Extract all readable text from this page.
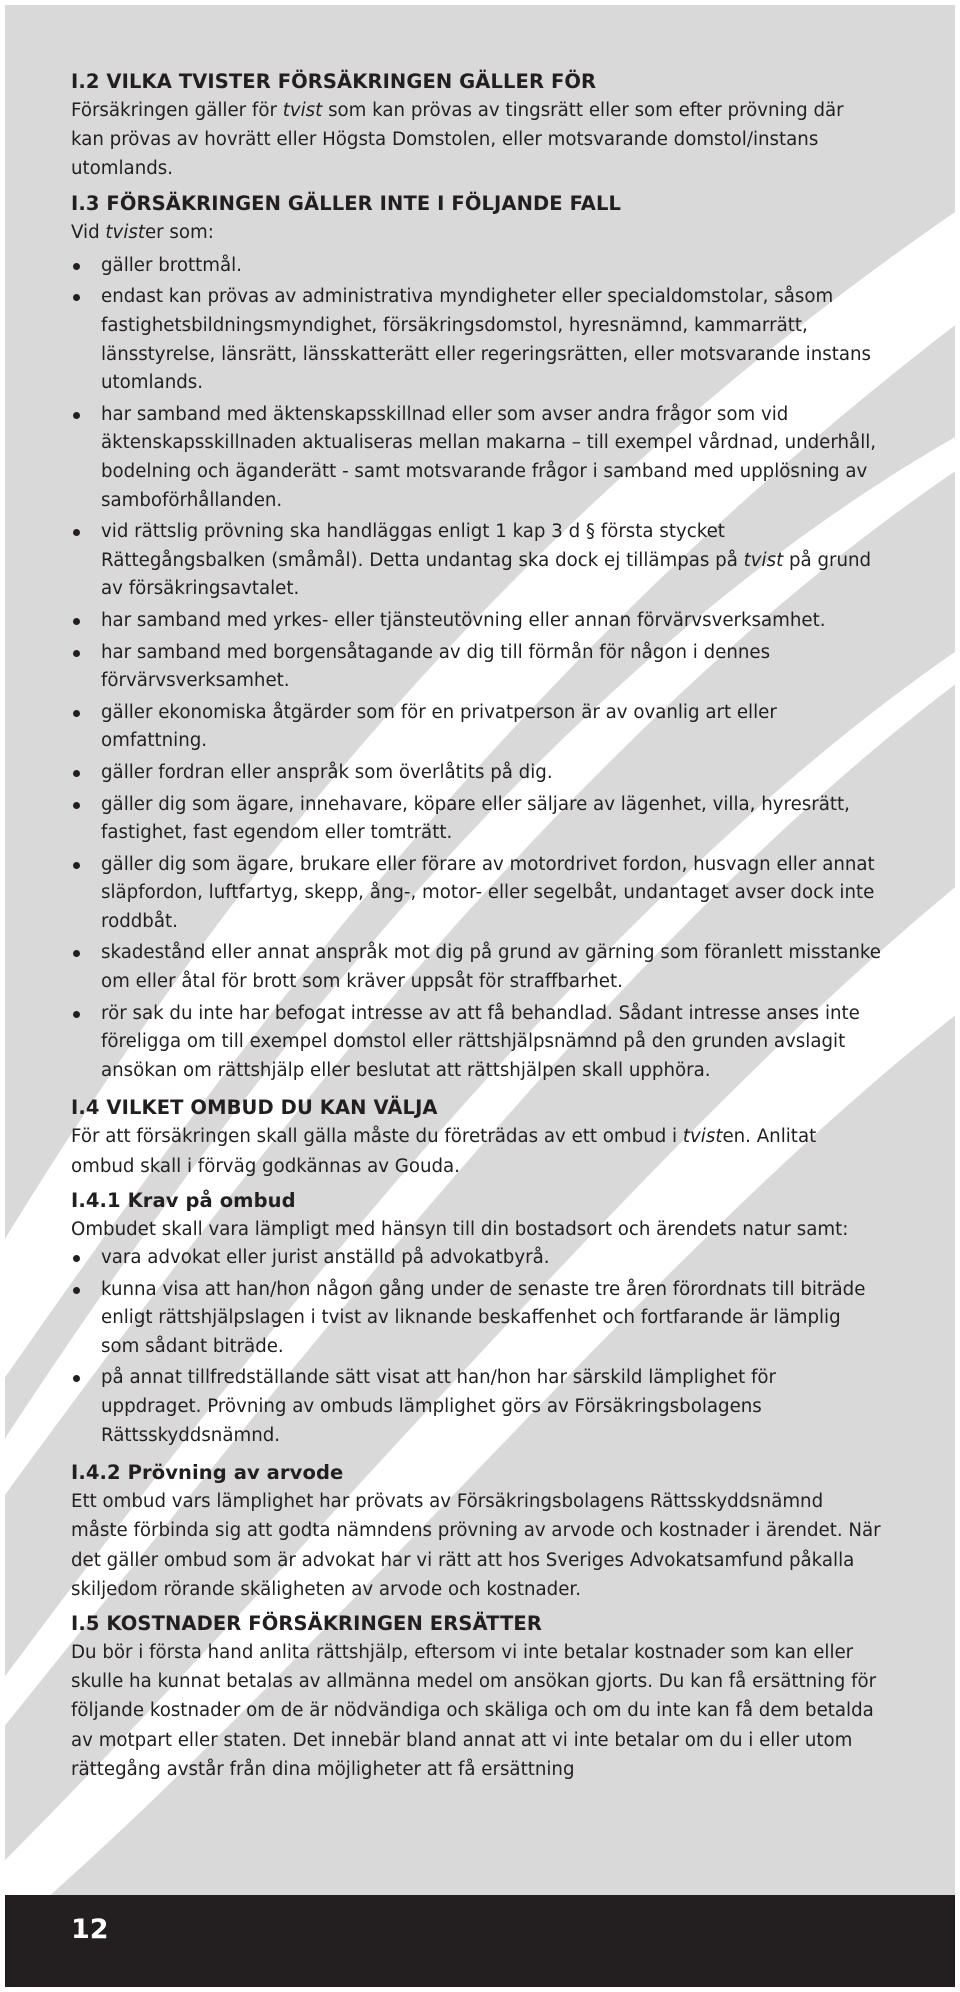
I.2 VILKA TVISTER FÖRSÄKRINGEN GÄLLER FÖR

Försäkringen gäller för tvist som kan prövas av tingsrätt eller som efter prövning där kan prövas av hovrätt eller Högsta Domstolen, eller motsvarande domstol/instans utomlands.

I.3 FÖRSÄKRINGEN GÄLLER INTE I FÖLJANDE FALL

Vid tvister som:

gäller brottmål.
endast kan prövas av administrativa myndigheter eller specialdomstolar, såsom fastighetsbildningsmyndighet, försäkringsdomstol, hyresnämnd, kammarrätt, länsstyrelse, länsrätt, länsskatterätt eller regeringsrätten, eller motsvarande instans utomlands.
har samband med äktenskapsskillnad eller som avser andra frågor som vid äktenskapsskillnaden aktualiseras mellan makarna – till exempel vårdnad, underhåll, bodelning och äganderätt - samt motsvarande frågor i samband med upplösning av samboförhållanden.
vid rättslig prövning ska handläggas enligt 1 kap 3 d § första stycket Rättegångsbalken (småmål). Detta undantag ska dock ej tillämpas på tvist på grund av försäkringsavtalet.
har samband med yrkes- eller tjänsteutövning eller annan förvärvsverksamhet.
har samband med borgensåtagande av dig till förmån för någon i dennes förvärvsverksamhet.
gäller ekonomiska åtgärder som för en privatperson är av ovanlig art eller omfattning.
gäller fordran eller anspråk som överlåtits på dig.
gäller dig som ägare, innehavare, köpare eller säljare av lägenhet, villa, hyresrätt, fastighet, fast egendom eller tomträtt.
gäller dig som ägare, brukare eller förare av motordrivet fordon, husvagn eller annat släpfordon, luftfartyg, skepp, ång-, motor- eller segelbåt, undantaget avser dock inte roddbåt.
skadestånd eller annat anspråk mot dig på grund av gärning som föranlett misstanke om eller åtal för brott som kräver uppsåt för straffbarhet.
rör sak du inte har befogat intresse av att få behandlad. Sådant intresse anses inte föreligga om till exempel domstol eller rättshjälpsnämnd på den grunden avslagit ansökan om rättshjälp eller beslutat att rättshjälpen skall upphöra.
I.4 VILKET OMBUD DU KAN VÄLJA

För att försäkringen skall gälla måste du företrädas av ett ombud i tvisten. Anlitat ombud skall i förväg godkännas av Gouda.

I.4.1 Krav på ombud

Ombudet skall vara lämpligt med hänsyn till din bostadsort och ärendets natur samt:

vara advokat eller jurist anställd på advokatbyrå.
kunna visa att han/hon någon gång under de senaste tre åren förordnats till biträde enligt rättshjälpslagen i tvist av liknande beskaffenhet och fortfarande är lämplig som sådant biträde.
på annat tillfredställande sätt visat att han/hon har särskild lämplighet för uppdraget. Prövning av ombuds lämplighet görs av Försäkringsbolagens Rättsskyddsnämnd.
I.4.2 Prövning av arvode

Ett ombud vars lämplighet har prövats av Försäkringsbolagens Rättsskyddsnämnd måste förbinda sig att godta nämndens prövning av arvode och kostnader i ärendet. När det gäller ombud som är advokat har vi rätt att hos Sveriges Advokatsamfund påkalla skiljedom rörande skäligheten av arvode och kostnader.

I.5 KOSTNADER FÖRSÄKRINGEN ERSÄTTER

Du bör i första hand anlita rättshjälp, eftersom vi inte betalar kostnader som kan eller skulle ha kunnat betalas av allmänna medel om ansökan gjorts. Du kan få ersättning för följande kostnader om de är nödvändiga och skäliga och om du inte kan få dem betalda av motpart eller staten. Det innebär bland annat att vi inte betalar om du i eller utom rättegång avstår från dina möjligheter att få ersättning

12
